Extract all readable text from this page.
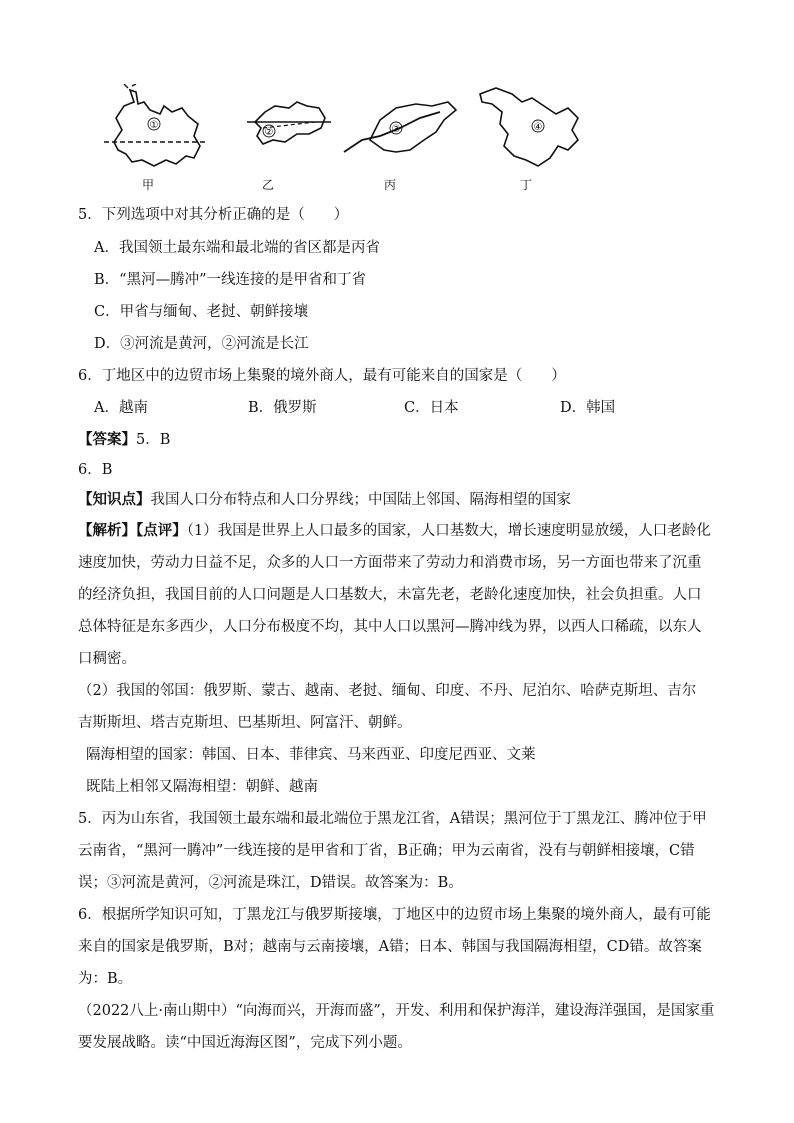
①
②	③	④
甲	乙	丙	丁
5．下列选项中对其分析正确的是（　　）
A．我国领土最东端和最北端的省区都是丙省
B．“黑河—腾冲”一线连接的是甲省和丁省
C．甲省与缅甸、老挝、朝鲜接壤
D．③河流是黄河，②河流是长江
6．丁地区中的边贸市场上集聚的境外商人，最有可能来自的国家是（　　）
A．越南	B．俄罗斯	C．日本	D．韩国
【答案】5．B
6．B
【知识点】我国人口分布特点和人口分界线；中国陆上邻国、隔海相望的国家
【解析】【点评】（1）我国是世界上人口最多的国家，人口基数大，增长速度明显放缓，人口老龄化
速度加快，劳动力日益不足，众多的人口一方面带来了劳动力和消费市场，另一方面也带来了沉重
的经济负担，我国目前的人口问题是人口基数大，未富先老，老龄化速度加快，社会负担重。人口
总体特征是东多西少，人口分布极度不均，其中人口以黑河—腾冲线为界，以西人口稀疏，以东人
口稠密。
（2）我国的邻国：俄罗斯、蒙古、越南、老挝、缅甸、印度、不丹、尼泊尔、哈萨克斯坦、吉尔
吉斯斯坦、塔吉克斯坦、巴基斯坦、阿富汗、朝鲜。
隔海相望的国家：韩国、日本、菲律宾、马来西亚、印度尼西亚、文莱
既陆上相邻又隔海相望：朝鲜、越南
5．丙为山东省，我国领土最东端和最北端位于黑龙江省，A错误；黑河位于丁黑龙江、腾冲位于甲
云南省，“黑河一腾冲”一线连接的是甲省和丁省，B正确；甲为云南省，没有与朝鲜相接壤，C错
误；③河流是黄河，②河流是珠江，D错误。故答案为：B。
6．根据所学知识可知，丁黑龙江与俄罗斯接壤，丁地区中的边贸市场上集聚的境外商人，最有可能
来自的国家是俄罗斯，B对；越南与云南接壤，A错；日本、韩国与我国隔海相望，CD错。故答案
为：B。
（2022八上·南山期中）“向海而兴，开海而盛”，开发、利用和保护海洋，建设海洋强国，是国家重
要发展战略。读“中国近海海区图”，完成下列小题。
